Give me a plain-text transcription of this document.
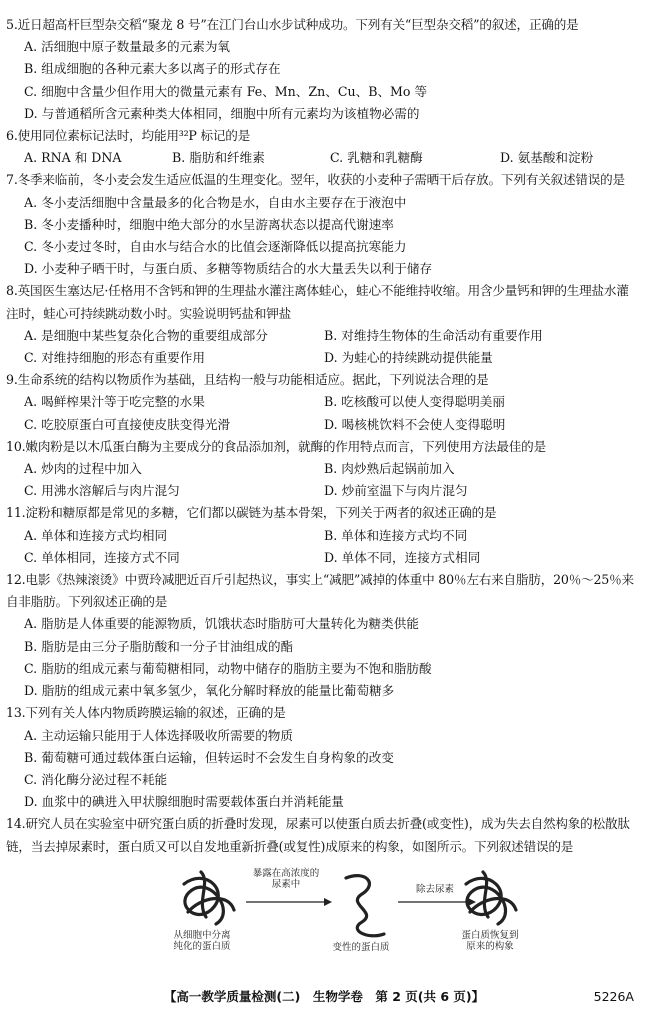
5.近日超高杆巨型杂交稻“聚龙 8 号”在江门台山水步试种成功。下列有关“巨型杂交稻”的叙述，正确的是
A. 活细胞中原子数量最多的元素为氧
B. 组成细胞的各种元素大多以离子的形式存在
C. 细胞中含量少但作用大的微量元素有 Fe、Mn、Zn、Cu、B、Mo 等
D. 与普通稻所含元素种类大体相同，细胞中所有元素均为该植物必需的
6.使用同位素标记法时，均能用³²P 标记的是
A. RNA 和 DNA	B. 脂肪和纤维素	C. 乳糖和乳糖酶	D. 氨基酸和淀粉
7.冬季来临前，冬小麦会发生适应低温的生理变化。翌年，收获的小麦种子需晒干后存放。下列有关叙述错误的是
A. 冬小麦活细胞中含量最多的化合物是水，自由水主要存在于液泡中
B. 冬小麦播种时，细胞中绝大部分的水呈游离状态以提高代谢速率
C. 冬小麦过冬时，自由水与结合水的比值会逐渐降低以提高抗寒能力
D. 小麦种子晒干时，与蛋白质、多糖等物质结合的水大量丢失以利于储存
8.英国医生塞达尼·任格用不含钙和钾的生理盐水灌注离体蛙心，蛙心不能维持收缩。用含少量钙和钾的生理盐水灌注时，蛙心可持续跳动数小时。实验说明钙盐和钾盐
A. 是细胞中某些复杂化合物的重要组成部分	B. 对维持生物体的生命活动有重要作用
C. 对维持细胞的形态有重要作用	D. 为蛙心的持续跳动提供能量
9.生命系统的结构以物质作为基础，且结构一般与功能相适应。据此，下列说法合理的是
A. 喝鲜榨果汁等于吃完整的水果	B. 吃核酸可以使人变得聪明美丽
C. 吃胶原蛋白可直接使皮肤变得光滑	D. 喝核桃饮料不会使人变得聪明
10.嫩肉粉是以木瓜蛋白酶为主要成分的食品添加剂，就酶的作用特点而言，下列使用方法最佳的是
A. 炒肉的过程中加入	B. 肉炒熟后起锅前加入
C. 用沸水溶解后与肉片混匀	D. 炒前室温下与肉片混匀
11.淀粉和糖原都是常见的多糖，它们都以碳链为基本骨架，下列关于两者的叙述正确的是
A. 单体和连接方式均相同	B. 单体和连接方式均不同
C. 单体相同，连接方式不同	D. 单体不同，连接方式相同
12.电影《热辣滚烫》中贾玲减肥近百斤引起热议，事实上“减肥”减掉的体重中 80％左右来自脂肪，20％～25％来自非脂肪。下列叙述正确的是
A. 脂肪是人体重要的能源物质，饥饿状态时脂肪可大量转化为糖类供能
B. 脂肪是由三分子脂肪酸和一分子甘油组成的酯
C. 脂肪的组成元素与葡萄糖相同，动物中储存的脂肪主要为不饱和脂肪酸
D. 脂肪的组成元素中氧多氢少，氧化分解时释放的能量比葡萄糖多
13.下列有关人体内物质跨膜运输的叙述，正确的是
A. 主动运输只能用于人体选择吸收所需要的物质
B. 葡萄糖可通过载体蛋白运输，但转运时不会发生自身构象的改变
C. 消化酶分泌过程不耗能
D. 血浆中的碘进入甲状腺细胞时需要载体蛋白并消耗能量
14.研究人员在实验室中研究蛋白质的折叠时发现，尿素可以使蛋白质去折叠(或变性)，成为失去自然构象的松散肽链，当去掉尿素时，蛋白质又可以自发地重新折叠(或复性)成原来的构象，如图所示。下列叙述错误的是
从细胞中分离纯化的蛋白质
暴露在高浓度的尿素中
变性的蛋白质
除去尿素
蛋白质恢复到原来的构象
【高一教学质量检测(二)　生物学卷　第 2 页(共 6 页)】	5226A
